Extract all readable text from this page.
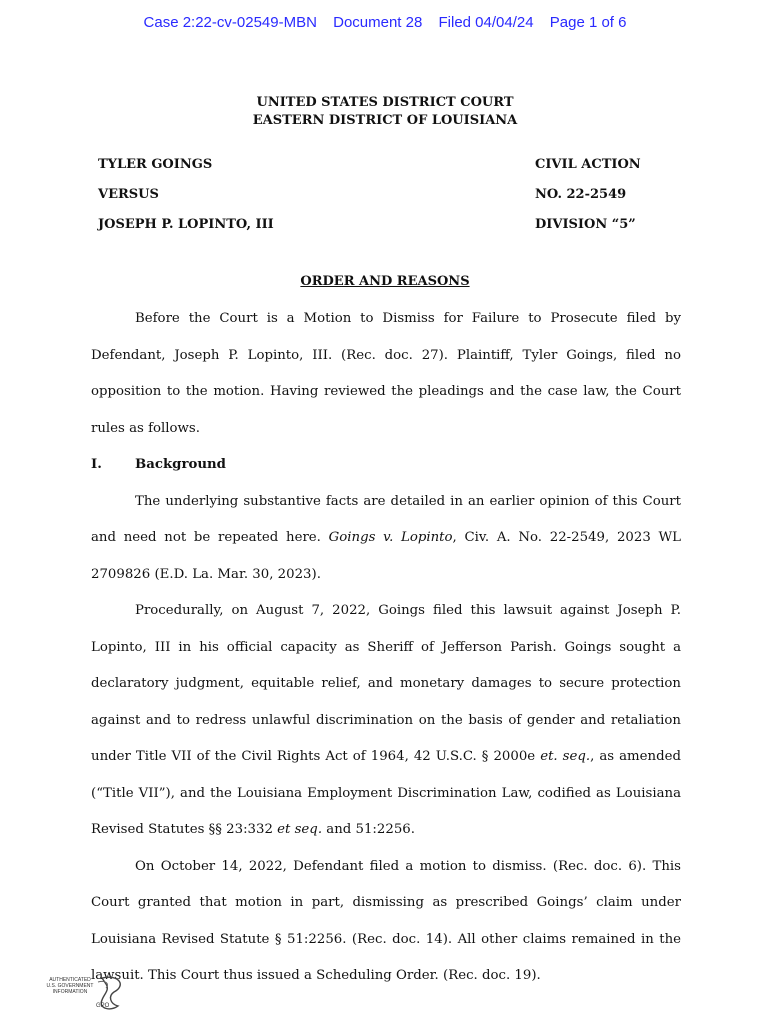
Case 2:22-cv-02549-MBN Document 28 Filed 04/04/24 Page 1 of 6
UNITED STATES DISTRICT COURT
EASTERN DISTRICT OF LOUISIANA
TYLER GOINGS
VERSUS
JOSEPH P. LOPINTO, III
CIVIL ACTION
NO. 22-2549
DIVISION “5”
ORDER AND REASONS

Before the Court is a Motion to Dismiss for Failure to Prosecute filed by Defendant, Joseph P. Lopinto, III. (Rec. doc. 27). Plaintiff, Tyler Goings, filed no opposition to the motion. Having reviewed the pleadings and the case law, the Court rules as follows.

I. Background

The underlying substantive facts are detailed in an earlier opinion of this Court and need not be repeated here. Goings v. Lopinto, Civ. A. No. 22-2549, 2023 WL 2709826 (E.D. La. Mar. 30, 2023).

Procedurally, on August 7, 2022, Goings filed this lawsuit against Joseph P. Lopinto, III in his official capacity as Sheriff of Jefferson Parish. Goings sought a declaratory judgment, equitable relief, and monetary damages to secure protection against and to redress unlawful discrimination on the basis of gender and retaliation under Title VII of the Civil Rights Act of 1964, 42 U.S.C. § 2000e et. seq., as amended (“Title VII”), and the Louisiana Employment Discrimination Law, codified as Louisiana Revised Statutes §§ 23:332 et seq. and 51:2256.

On October 14, 2022, Defendant filed a motion to dismiss. (Rec. doc. 6). This Court granted that motion in part, dismissing as prescribed Goings’ claim under Louisiana Revised Statute § 51:2256. (Rec. doc. 14). All other claims remained in the lawsuit. This Court thus issued a Scheduling Order. (Rec. doc. 19).

AUTHENTICATED
U.S. GOVERNMENT
INFORMATION
GPO
